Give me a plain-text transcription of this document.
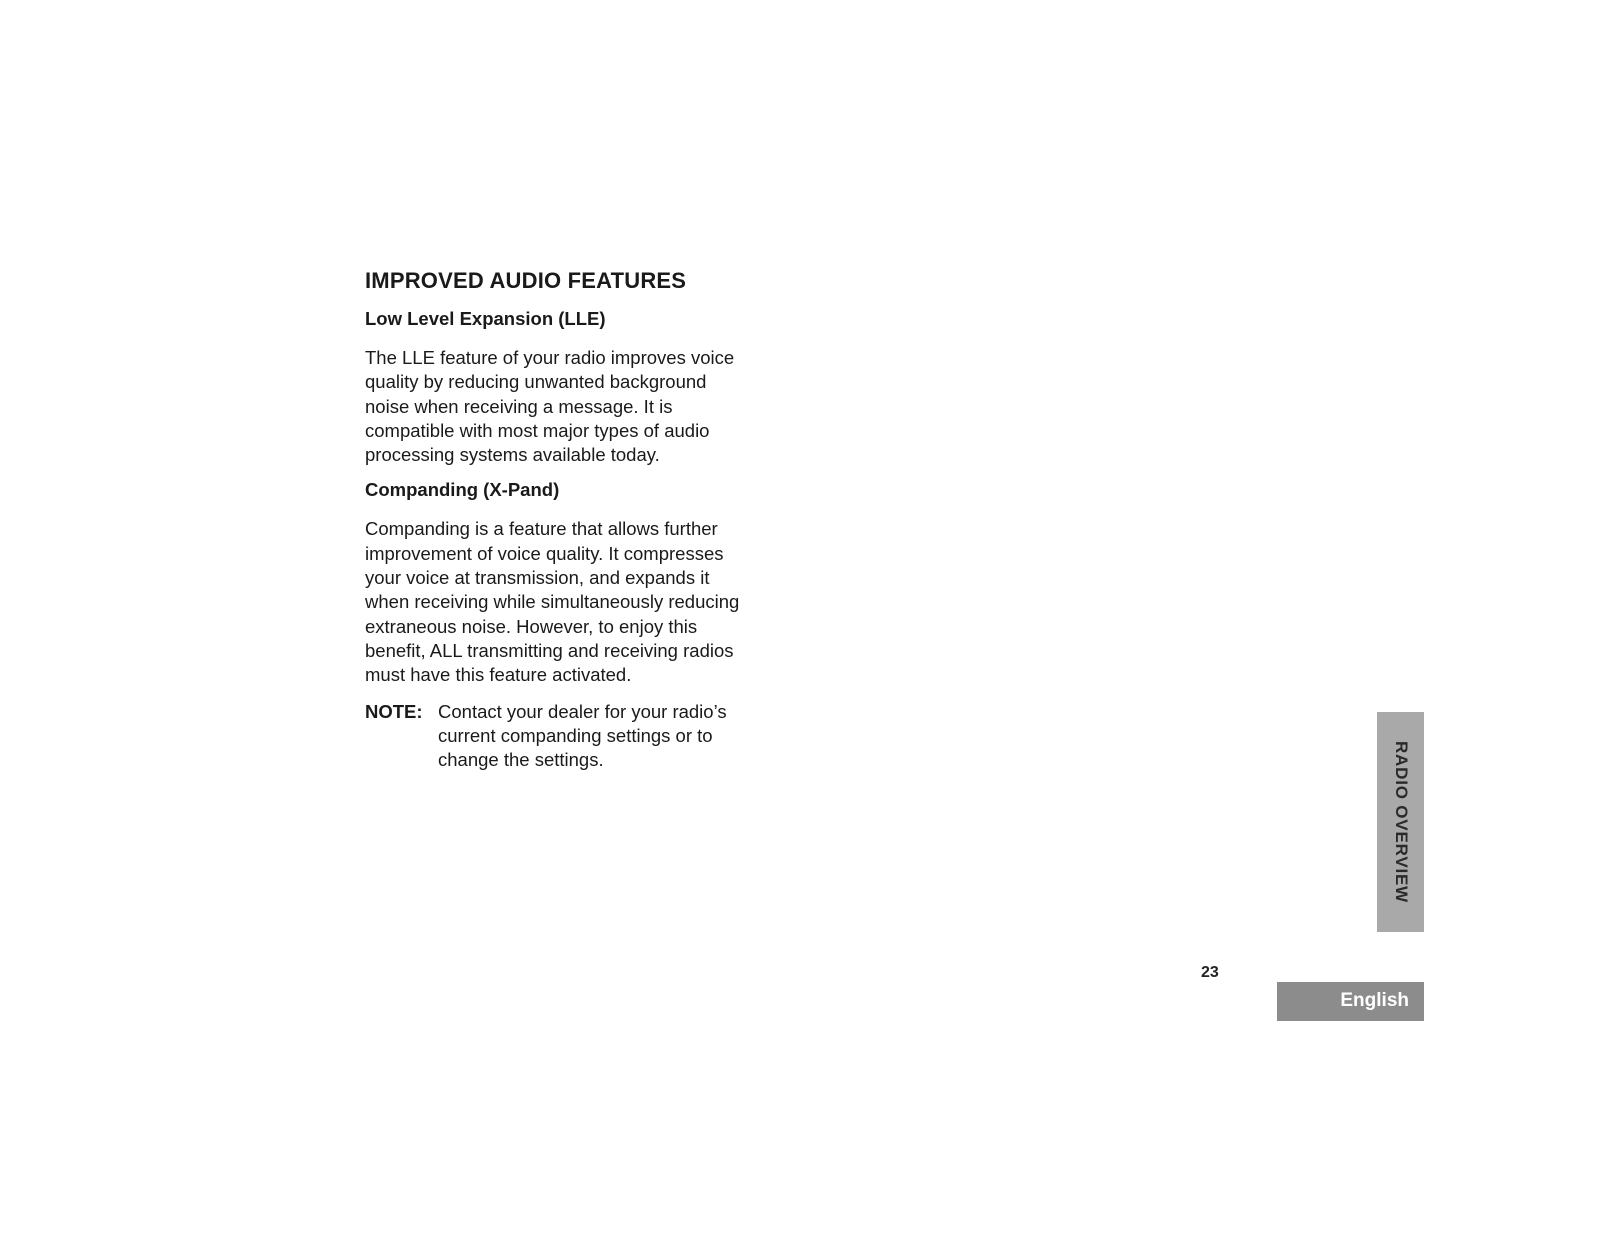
IMPROVED AUDIO FEATURES
Low Level Expansion (LLE)

The LLE feature of your radio improves voice
quality by reducing unwanted background
noise when receiving a message. It is
compatible with most major types of audio
processing systems available today.

Companding (X-Pand)

Companding is a feature that allows further
improvement of voice quality. It compresses
your voice at transmission, and expands it
when receiving while simultaneously reducing
extraneous noise. However, to enjoy this
benefit, ALL transmitting and receiving radios
must have this feature activated.

NOTE: Contact your dealer for your radio’s
current companding settings or to
change the settings.	RADIO OVERVIEW
23
English
